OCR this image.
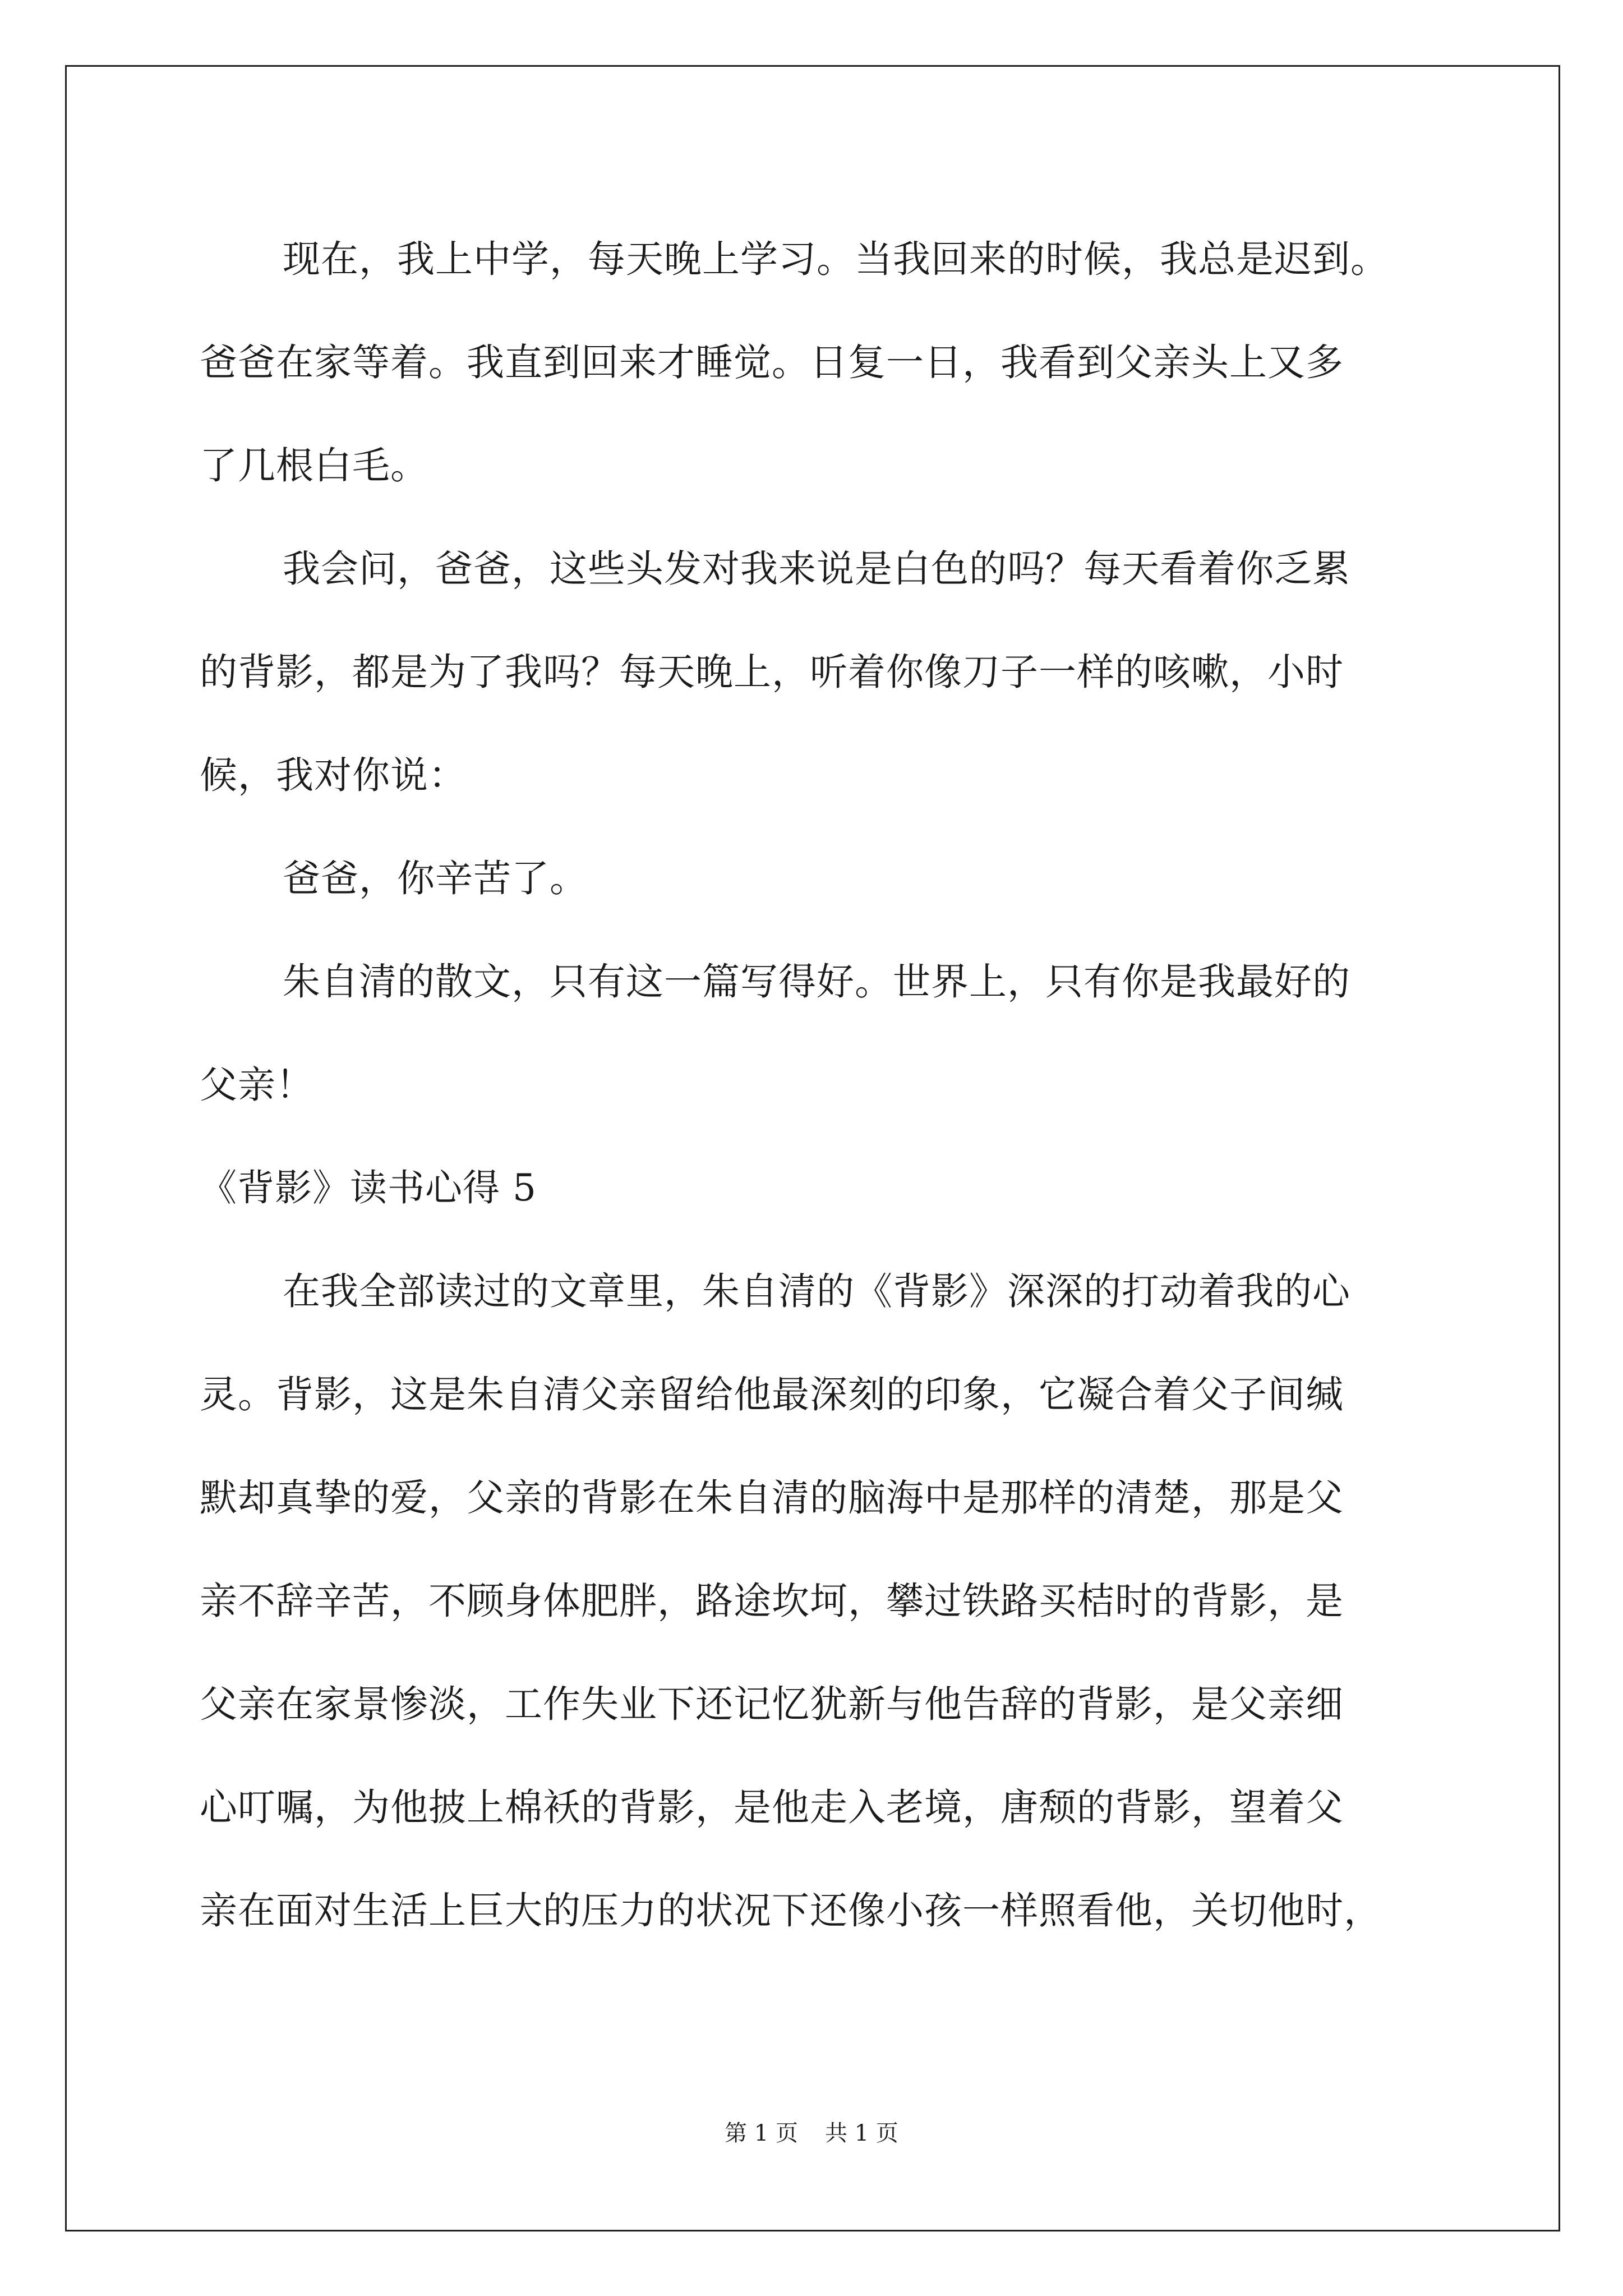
现在，我上中学，每天晚上学习。当我回来的时候，我总是迟到。
爸爸在家等着。我直到回来才睡觉。日复一日，我看到父亲头上又多
了几根白毛。
我会问，爸爸，这些头发对我来说是白色的吗？每天看着你乏累
的背影，都是为了我吗？每天晚上，听着你像刀子一样的咳嗽，小时
候，我对你说：
爸爸，你辛苦了。
朱自清的散文，只有这一篇写得好。世界上，只有你是我最好的
父亲！
《背影》读书心得 5
在我全部读过的文章里，朱自清的《背影》深深的打动着我的心
灵。背影，这是朱自清父亲留给他最深刻的印象，它凝合着父子间缄
默却真挚的爱，父亲的背影在朱自清的脑海中是那样的清楚，那是父
亲不辞辛苦，不顾身体肥胖，路途坎坷，攀过铁路买桔时的背影，是
父亲在家景惨淡，工作失业下还记忆犹新与他告辞的背影，是父亲细
心叮嘱，为他披上棉袄的背影，是他走入老境，唐颓的背影，望着父
亲在面对生活上巨大的压力的状况下还像小孩一样照看他，关切他时，
第 1 页 共 1 页
